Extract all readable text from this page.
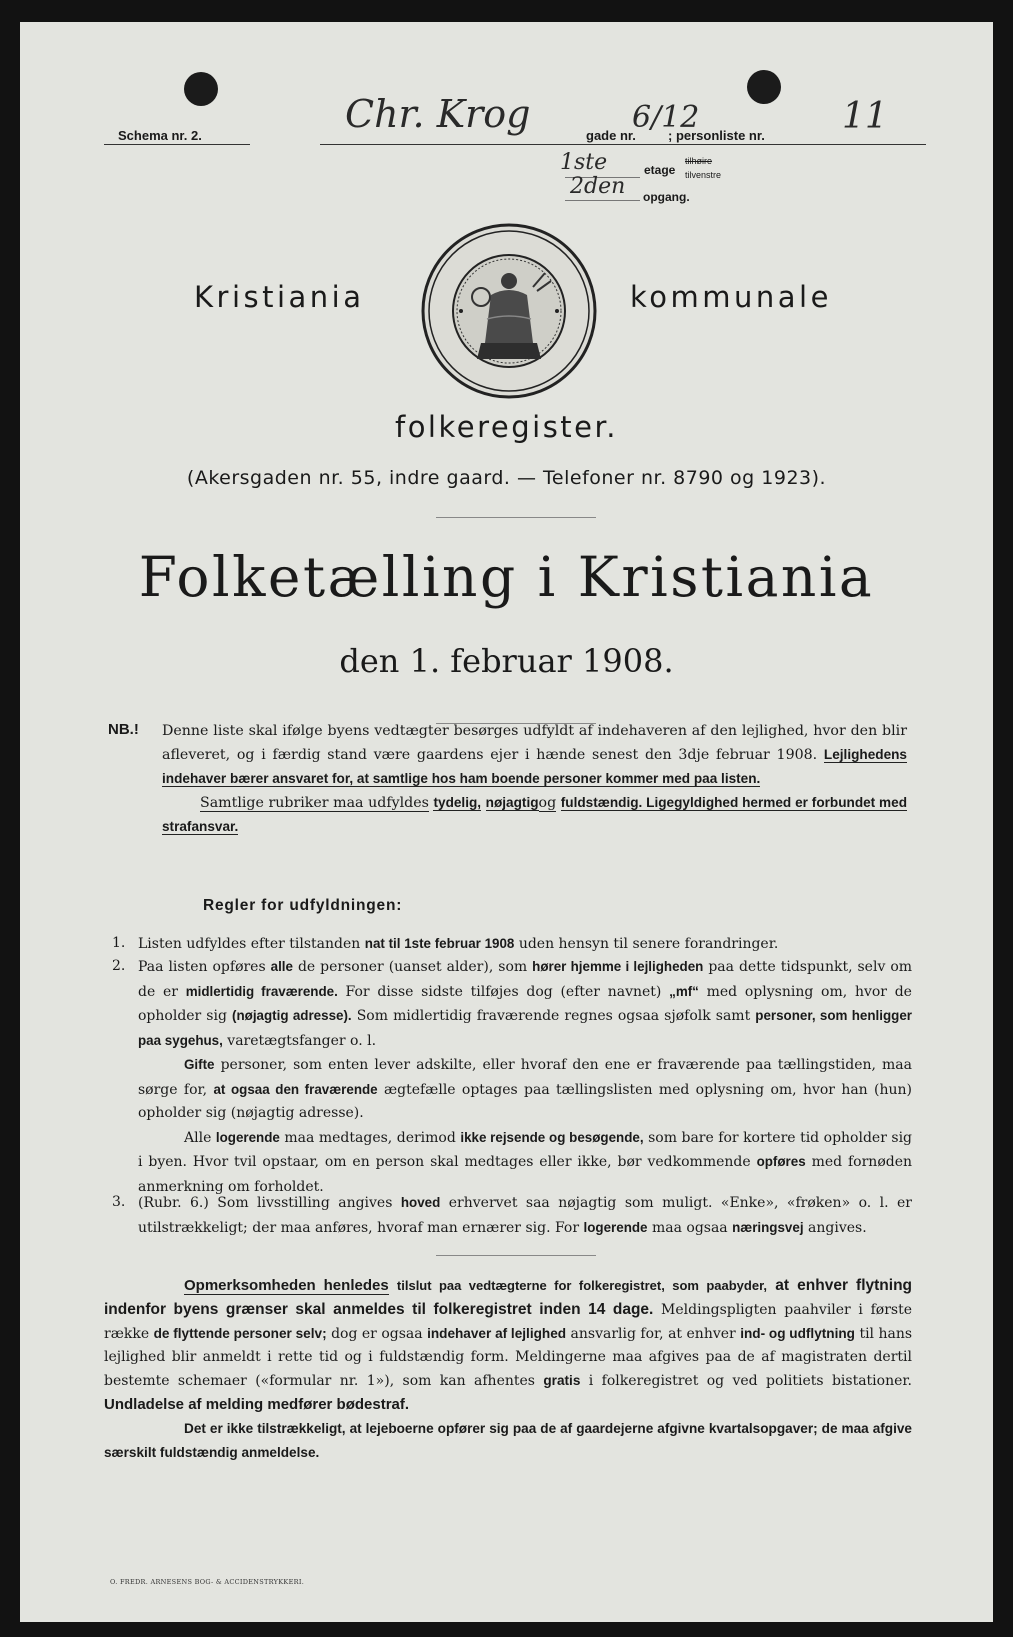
Schema nr. 2.	Chr. Krog	gade nr.
6/12
; personliste nr. 11
1ste	etage
tilhøire
tilvenstre
2den opgang.
Kristiania	kommunale
folkeregister.
(Akersgaden nr. 55, indre gaard. — Telefoner nr. 8790 og 1923).
Folketælling i Kristiania
den 1. februar 1908.
NB.! Denne liste skal ifølge byens vedtægter besørges udfyldt af indehaveren af den lejlighed, hvor den blir afleveret, og i færdig stand være gaardens ejer i hænde senest den 3dje februar 1908. Lejlighedens indehaver bærer ansvaret for, at samtlige hos ham boende personer kommer med paa listen.
Samtlige rubriker maa udfyldes tydelig, nøjagtigog fuldstændig. Ligegyldighed hermed er forbundet med strafansvar.
Regler for udfyldningen:
1. Listen udfyldes efter tilstanden nat til 1ste februar 1908 uden hensyn til senere forandringer.
2. Paa listen opføres alle de personer (uanset alder), som hører hjemme i lejligheden paa dette tidspunkt, selv om de er midlertidig fraværende. For disse sidste tilføjes dog (efter navnet) „mf“ med oplysning om, hvor de opholder sig (nøjagtig adresse). Som midlertidig fraværende regnes ogsaa sjøfolk samt personer, som henligger paa sygehus, varetægtsfanger o. l.
Gifte personer, som enten lever adskilte, eller hvoraf den ene er fraværende paa tællingstiden, maa sørge for, at ogsaa den fraværende ægtefælle optages paa tællingslisten med oplysning om, hvor han (hun) opholder sig (nøjagtig adresse).
Alle logerende maa medtages, derimod ikke rejsende og besøgende, som bare for kortere tid opholder sig i byen. Hvor tvil opstaar, om en person skal medtages eller ikke, bør vedkommende opføres med fornøden anmerkning om forholdet.
3. (Rubr. 6.) Som livsstilling angives hoved erhvervet saa nøjagtig som muligt. «Enke», «frøken» o. l. er utilstrækkeligt; der maa anføres, hvoraf man ernærer sig. For logerende maa ogsaa næringsvej angives.
Opmerksomheden henledes tilslut paa vedtægterne for folkeregistret, som paabyder, at enhver flytning indenfor byens grænser skal anmeldes til folkeregistret inden 14 dage. Meldingspligten paahviler i første række de flyttende personer selv; dog er ogsaa indehaver af lejlighed ansvarlig for, at enhver ind- og udflytning til hans lejlighed blir anmeldt i rette tid og i fuldstændig form. Meldingerne maa afgives paa de af magistraten dertil bestemte schemaer («formular nr. 1»), som kan afhentes gratis i folkeregistret og ved politiets bistationer. Undladelse af melding medfører bødestraf.
Det er ikke tilstrækkeligt, at lejeboerne opfører sig paa de af gaardejerne afgivne kvartalsopgaver; de maa afgive særskilt fuldstændig anmeldelse.
O. FREDR. ARNESENS BOG- & ACCIDENSTRYKKERI.
